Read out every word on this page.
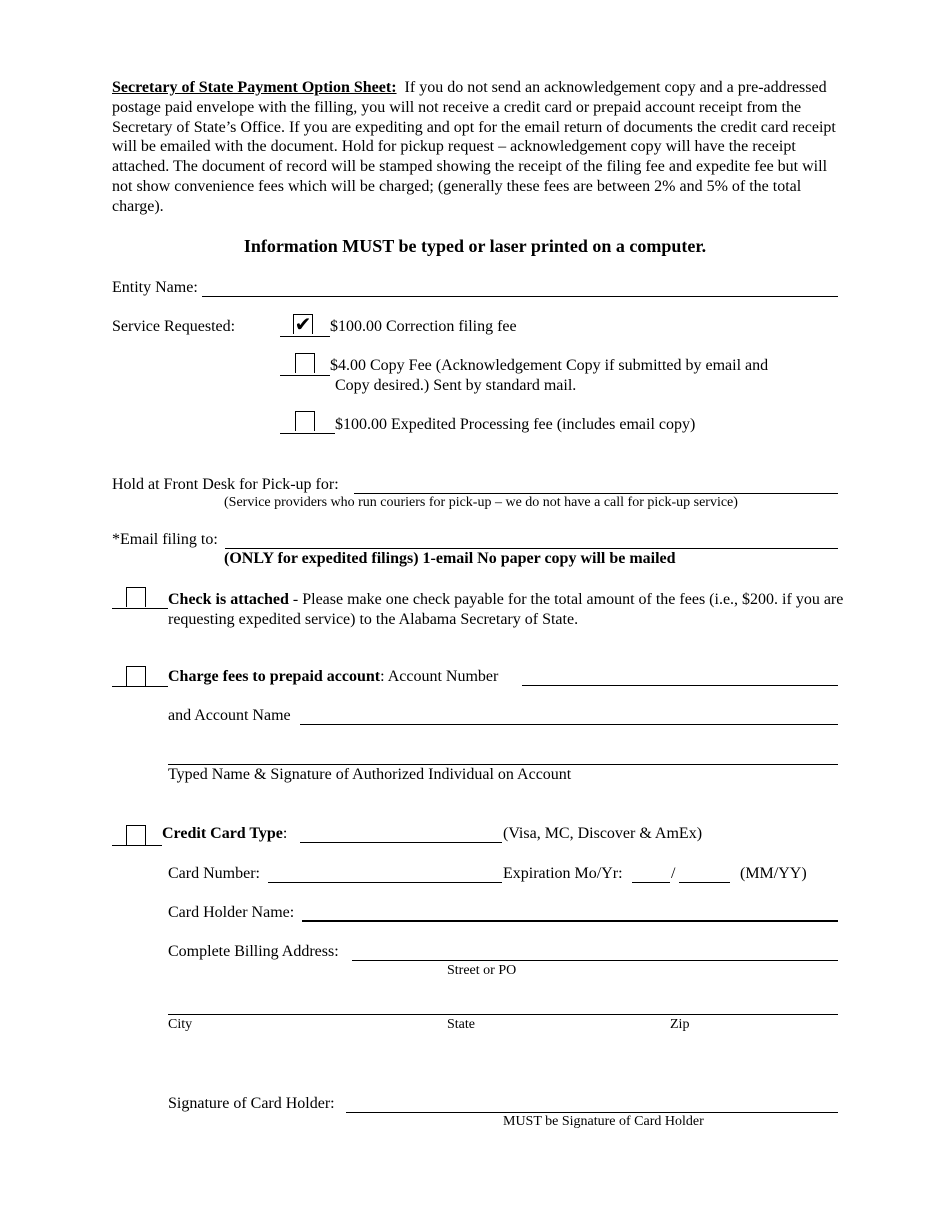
Secretary of State Payment Option Sheet: If you do not send an acknowledgement copy and a pre-addressed postage paid envelope with the filling, you will not receive a credit card or prepaid account receipt from the Secretary of State’s Office. If you are expediting and opt for the email return of documents the credit card receipt will be emailed with the document. Hold for pickup request – acknowledgement copy will have the receipt attached. The document of record will be stamped showing the receipt of the filing fee and expedite fee but will not show convenience fees which will be charged; (generally these fees are between 2% and 5% of the total charge).
Information MUST be typed or laser printed on a computer.
Entity Name:
Service Requested:	✔ $100.00 Correction filing fee
$4.00 Copy Fee (Acknowledgement Copy if submitted by email and
Copy desired.) Sent by standard mail.
$100.00 Expedited Processing fee (includes email copy)
Hold at Front Desk for Pick-up for:
(Service providers who run couriers for pick-up – we do not have a call for pick-up service)
*Email filing to:
(ONLY for expedited filings) 1-email No paper copy will be mailed
Check is attached - Please make one check payable for the total amount of the fees (i.e., $200. if you are requesting expedited service) to the Alabama Secretary of State.
Charge fees to prepaid account: Account Number
and Account Name
Typed Name & Signature of Authorized Individual on Account
Credit Card Type:	(Visa, MC, Discover & AmEx)
Card Number:	Expiration Mo/Yr:	/	(MM/YY)
Card Holder Name:
Complete Billing Address:
Street or PO
City	State	Zip
Signature of Card Holder:
MUST be Signature of Card Holder
